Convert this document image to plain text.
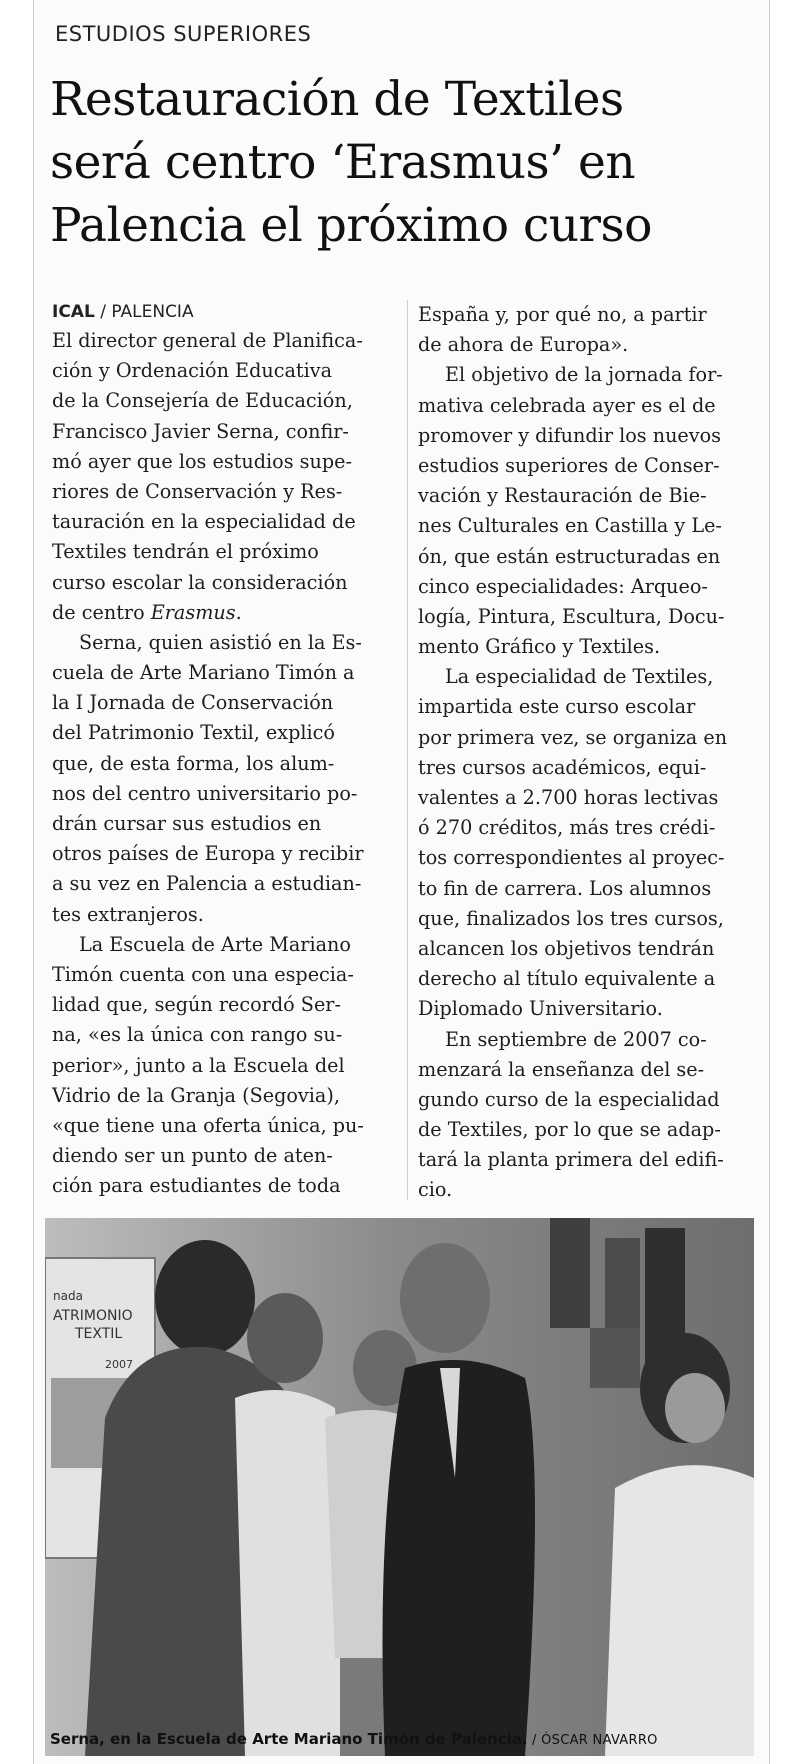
ESTUDIOS SUPERIORES
Restauración de Textiles
será centro ‘Erasmus’ en
Palencia el próximo curso
ICAL / PALENCIA
El director general de Planifica-
ción y Ordenación Educativa
de la Consejería de Educación,
Francisco Javier Serna, confir-
mó ayer que los estudios supe-
riores de Conservación y Res-
tauración en la especialidad de
Textiles tendrán el próximo
curso escolar la consideración
de centro Erasmus.
Serna, quien asistió en la Es-
cuela de Arte Mariano Timón a
la I Jornada de Conservación
del Patrimonio Textil, explicó
que, de esta forma, los alum-
nos del centro universitario po-
drán cursar sus estudios en
otros países de Europa y recibir
a su vez en Palencia a estudian-
tes extranjeros.
La Escuela de Arte Mariano
Timón cuenta con una especia-
lidad que, según recordó Ser-
na, «es la única con rango su-
perior», junto a la Escuela del
Vidrio de la Granja (Segovia),
«que tiene una oferta única, pu-
diendo ser un punto de aten-
ción para estudiantes de toda
España y, por qué no, a partir
de ahora de Europa».
El objetivo de la jornada for-
mativa celebrada ayer es el de
promover y difundir los nuevos
estudios superiores de Conser-
vación y Restauración de Bie-
nes Culturales en Castilla y Le-
ón, que están estructuradas en
cinco especialidades: Arqueo-
logía, Pintura, Escultura, Docu-
mento Gráfico y Textiles.
La especialidad de Textiles,
impartida este curso escolar
por primera vez, se organiza en
tres cursos académicos, equi-
valentes a 2.700 horas lectivas
ó 270 créditos, más tres crédi-
tos correspondientes al proyec-
to fin de carrera. Los alumnos
que, finalizados los tres cursos,
alcancen los objetivos tendrán
derecho al título equivalente a
Diplomado Universitario.
En septiembre de 2007 co-
menzará la enseñanza del se-
gundo curso de la especialidad
de Textiles, por lo que se adap-
tará la planta primera del edifi-
cio.
nada
ATRIMONIO
TEXTIL
2007
Serna, en la Escuela de Arte Mariano Timón de Palencia. / ÓSCAR NAVARRO
